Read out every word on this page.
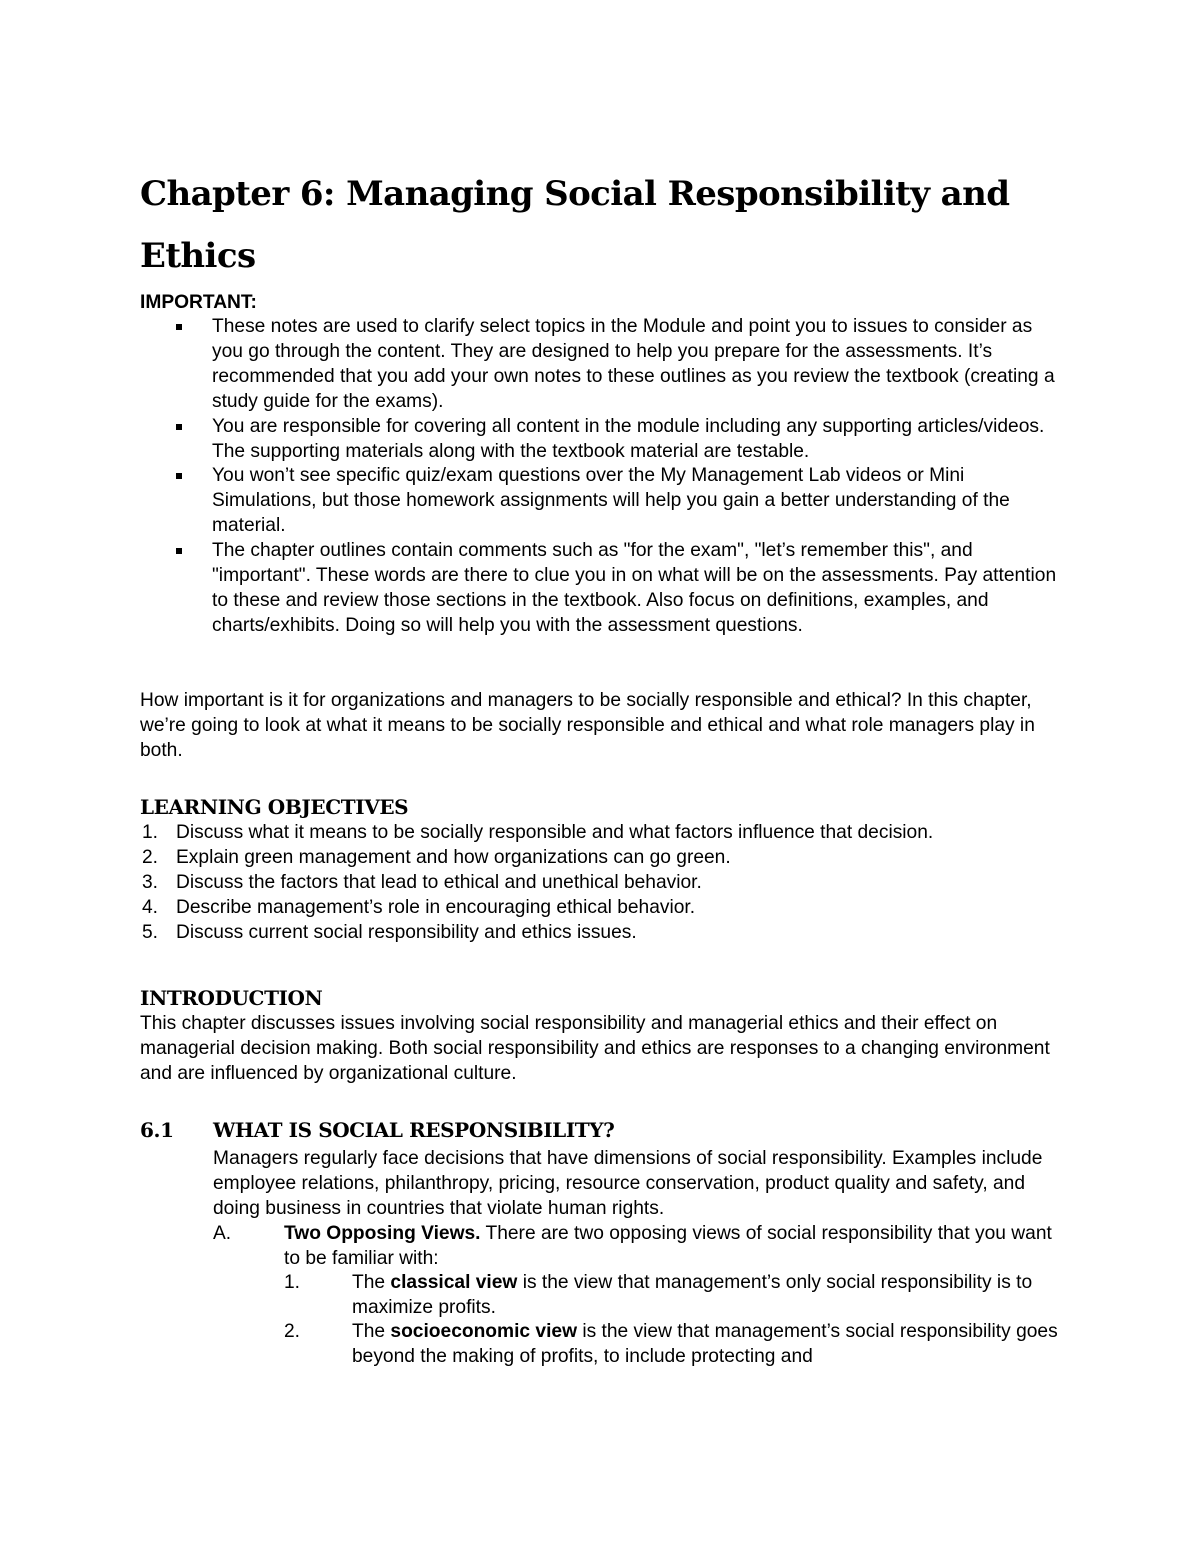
Chapter 6: Managing Social Responsibility and Ethics
IMPORTANT:
These notes are used to clarify select topics in the Module and point you to issues to consider as you go through the content. They are designed to help you prepare for the assessments. It’s recommended that you add your own notes to these outlines as you review the textbook (creating a study guide for the exams).
You are responsible for covering all content in the module including any supporting articles/videos. The supporting materials along with the textbook material are testable.
You won’t see specific quiz/exam questions over the My Management Lab videos or Mini Simulations, but those homework assignments will help you gain a better understanding of the material.
The chapter outlines contain comments such as "for the exam", "let’s remember this", and "important". These words are there to clue you in on what will be on the assessments. Pay attention to these and review those sections in the textbook. Also focus on definitions, examples, and charts/exhibits. Doing so will help you with the assessment questions.

How important is it for organizations and managers to be socially responsible and ethical? In this chapter, we’re going to look at what it means to be socially responsible and ethical and what role managers play in both.

LEARNING OBJECTIVES
1. Discuss what it means to be socially responsible and what factors influence that decision.
2. Explain green management and how organizations can go green.
3. Discuss the factors that lead to ethical and unethical behavior.
4. Describe management’s role in encouraging ethical behavior.
5. Discuss current social responsibility and ethics issues.
INTRODUCTION

This chapter discusses issues involving social responsibility and managerial ethics and their effect on managerial decision making. Both social responsibility and ethics are responses to a changing environment and are influenced by organizational culture.

6.1 WHAT IS SOCIAL RESPONSIBILITY?

Managers regularly face decisions that have dimensions of social responsibility. Examples include employee relations, philanthropy, pricing, resource conservation, product quality and safety, and doing business in countries that violate human rights.

A.	Two Opposing Views. There are two opposing views of social responsibility that you want to be familiar with:
1.	The classical view is the view that management’s only social responsibility is to maximize profits.
2.	The socioeconomic view is the view that management’s social responsibility goes beyond the making of profits, to include protecting and
